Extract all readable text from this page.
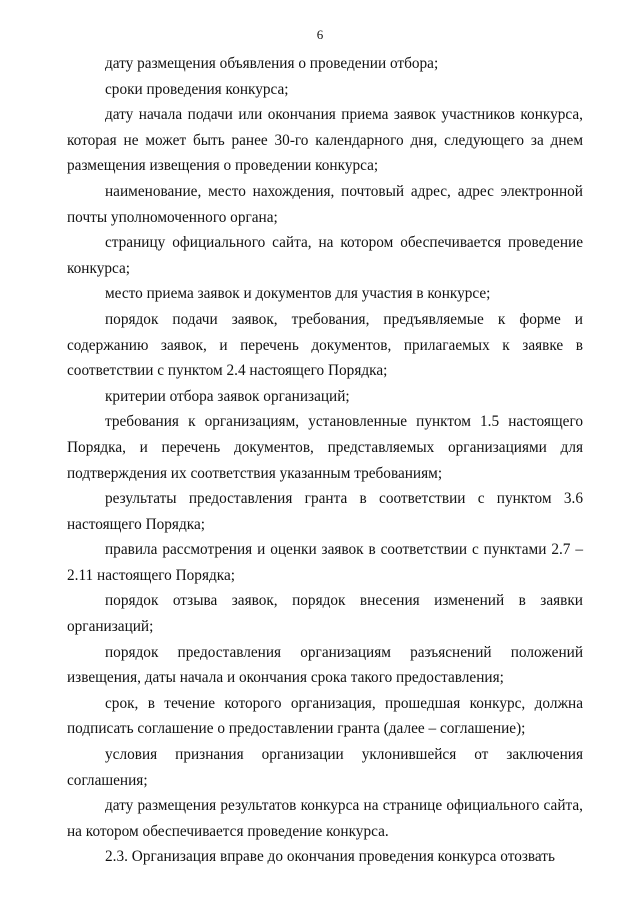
6

дату размещения объявления о проведении отбора;

сроки проведения конкурса;

дату начала подачи или окончания приема заявок участников конкурса, которая не может быть ранее 30-го календарного дня, следующего за днем размещения извещения о проведении конкурса;

наименование, место нахождения, почтовый адрес, адрес электронной почты уполномоченного органа;

страницу официального сайта, на котором обеспечивается проведение конкурса;

место приема заявок и документов для участия в конкурсе;

порядок подачи заявок, требования, предъявляемые к форме и содержанию заявок, и перечень документов, прилагаемых к заявке в соответствии с пунктом 2.4 настоящего Порядка;

критерии отбора заявок организаций;

требования к организациям, установленные пунктом 1.5 настоящего Порядка, и перечень документов, представляемых организациями для подтверждения их соответствия указанным требованиям;

результаты предоставления гранта в соответствии с пунктом 3.6 настоящего Порядка;

правила рассмотрения и оценки заявок в соответствии с пунктами 2.7 – 2.11 настоящего Порядка;

порядок отзыва заявок, порядок внесения изменений в заявки организаций;

порядок предоставления организациям разъяснений положений извещения, даты начала и окончания срока такого предоставления;

срок, в течение которого организация, прошедшая конкурс, должна подписать соглашение о предоставлении гранта (далее – соглашение);

условия признания организации уклонившейся от заключения соглашения;

дату размещения результатов конкурса на странице официального сайта, на котором обеспечивается проведение конкурса.

2.3. Организация вправе до окончания проведения конкурса отозвать
